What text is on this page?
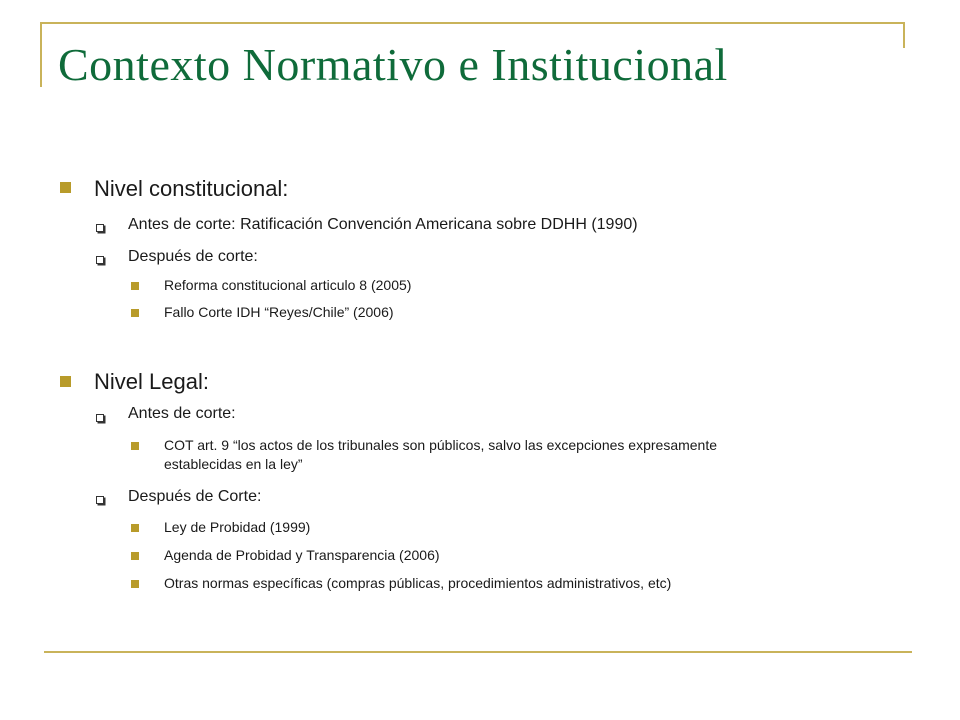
Contexto Normativo e Institucional
Nivel constitucional:
Antes de corte: Ratificación Convención Americana sobre DDHH (1990)
Después de corte:
Reforma constitucional articulo 8 (2005)
Fallo Corte IDH “Reyes/Chile” (2006)
Nivel Legal:
Antes de corte:
COT art. 9 “los actos de los tribunales son públicos, salvo las excepciones expresamente
establecidas en la ley”
Después de Corte:
Ley de Probidad (1999)
Agenda de Probidad y Transparencia (2006)
Otras normas específicas (compras públicas, procedimientos administrativos, etc)
